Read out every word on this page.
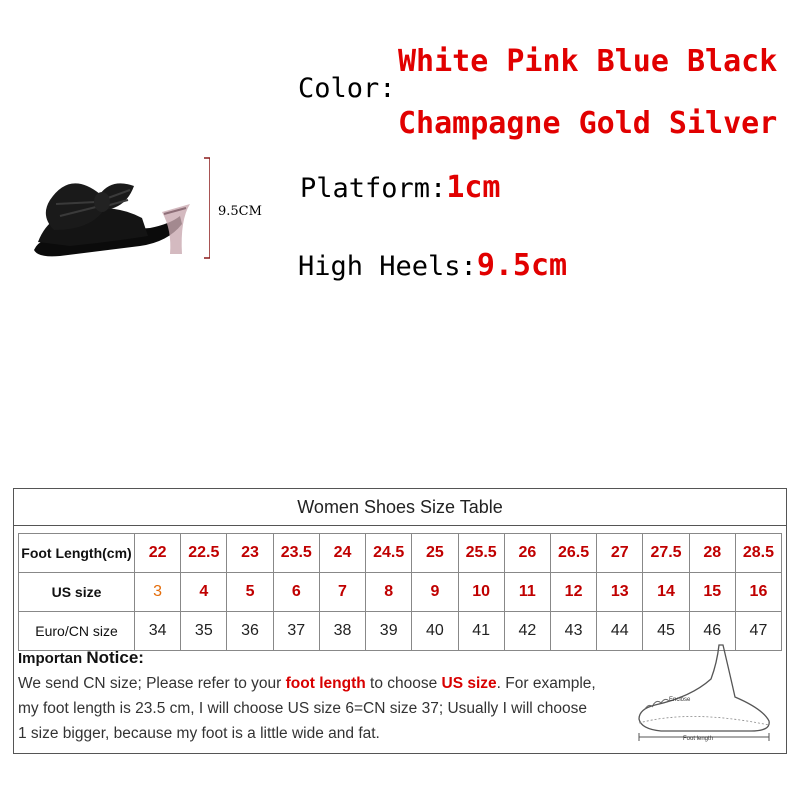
9.5CM
Color:
White Pink Blue Black
Champagne Gold Silver
Platform:1cm
High Heels:9.5cm
Women Shoes Size Table
Foot Length(cm)	22	22.5	23	23.5	24	24.5	25	25.5	26	26.5	27	27.5	28	28.5
US size	3	4	5	6	7	8	9	10	11	12	13	14	15	16
Euro/CN size	34	35	36	37	38	39	40	41	42	43	44	45	46	47
Importan Notice:
We send CN size; Please refer to your foot length to choose US size. For example,
my foot length is 23.5 cm, I will choose US size 6=CN size 37; Usually I will choose
1 size bigger, because my foot is a little wide and fat.
Enclose
Foot length
